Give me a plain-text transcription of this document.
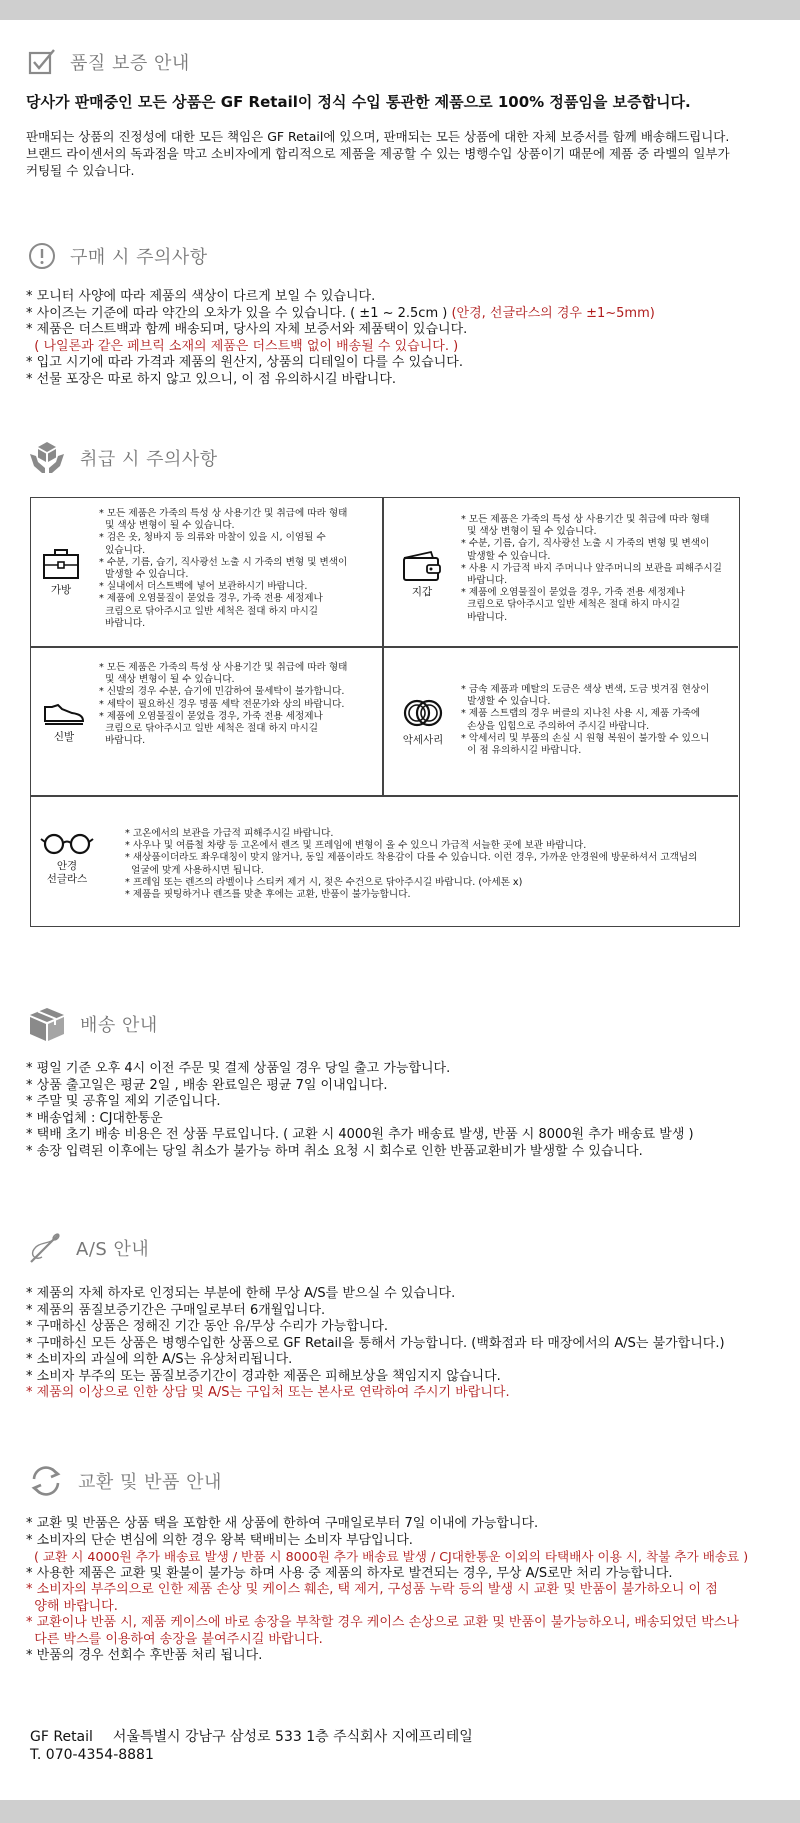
품질 보증 안내
당사가 판매중인 모든 상품은 GF Retail이 정식 수입 통관한 제품으로 100% 정품임을 보증합니다.
판매되는 상품의 진정성에 대한 모든 책임은 GF Retail에 있으며, 판매되는 모든 상품에 대한 자체 보증서를 함께 배송해드립니다.
브랜드 라이센서의 독과점을 막고 소비자에게 합리적으로 제품을 제공할 수 있는 병행수입 상품이기 때문에 제품 중 라벨의 일부가
커팅될 수 있습니다.
구매 시 주의사항
* 모니터 사양에 따라 제품의 색상이 다르게 보일 수 있습니다.
* 사이즈는 기준에 따라 약간의 오차가 있을 수 있습니다. ( ±1 ~ 2.5cm ) (안경, 선글라스의 경우 ±1~5mm)
* 제품은 더스트백과 함께 배송되며, 당사의 자체 보증서와 제품택이 있습니다.
( 나일론과 같은 페브릭 소재의 제품은 더스트백 없이 배송될 수 있습니다. )
* 입고 시기에 따라 가격과 제품의 원산지, 상품의 디테일이 다를 수 있습니다.
* 선물 포장은 따로 하지 않고 있으니, 이 점 유의하시길 바랍니다.
취급 시 주의사항
가방
* 모든 제품은 가죽의 특성 상 사용기간 및 취급에 따라 형태
및 색상 변형이 될 수 있습니다.
* 검은 옷, 청바지 등 의류와 마찰이 있을 시, 이염될 수
있습니다.
* 수분, 기름, 습기, 직사광선 노출 시 가죽의 변형 및 변색이
발생할 수 있습니다.
* 실내에서 더스트백에 넣어 보관하시기 바랍니다.
* 제품에 오염물질이 묻었을 경우, 가죽 전용 세정제나
크림으로 닦아주시고 일반 세척은 절대 하지 마시길
바랍니다.
지갑
* 모든 제품은 가죽의 특성 상 사용기간 및 취급에 따라 형태
및 색상 변형이 될 수 있습니다.
* 수분, 기름, 습기, 직사광선 노출 시 가죽의 변형 및 변색이
발생할 수 있습니다.
* 사용 시 가급적 바지 주머니나 앞주머니의 보관을 피해주시길
바랍니다.
* 제품에 오염물질이 묻었을 경우, 가죽 전용 세정제나
크림으로 닦아주시고 일반 세척은 절대 하지 마시길
바랍니다.
신발
* 모든 제품은 가죽의 특성 상 사용기간 및 취급에 따라 형태
및 색상 변형이 될 수 있습니다.
* 신발의 경우 수분, 습기에 민감하여 물세탁이 불가합니다.
* 세탁이 필요하신 경우 명품 세탁 전문가와 상의 바랍니다.
* 제품에 오염물질이 묻었을 경우, 가죽 전용 세정제나
크림으로 닦아주시고 일반 세척은 절대 하지 마시길
바랍니다.	악세사리
* 금속 제품과 메탈의 도금은 색상 변색, 도금 벗겨짐 현상이
발생할 수 있습니다.
* 제품 스트랩의 경우 버클의 지나친 사용 시, 제품 가죽에
손상을 입힘으로 주의하여 주시길 바랍니다.
* 악세서리 및 부품의 손실 시 원형 복원이 불가할 수 있으니
이 점 유의하시길 바랍니다.
안경
선글라스
* 고온에서의 보관을 가급적 피해주시길 바랍니다.
* 사우나 및 여름철 차량 등 고온에서 렌즈 및 프레임에 변형이 올 수 있으니 가급적 서늘한 곳에 보관 바랍니다.
* 새상품이더라도 좌우대칭이 맞지 않거나, 동일 제품이라도 착용감이 다를 수 있습니다. 이런 경우, 가까운 안경원에 방문하셔서 고객님의
얼굴에 맞게 사용하시면 됩니다.
* 프레임 또는 렌즈의 라벨이나 스티커 제거 시, 젖은 수건으로 닦아주시길 바랍니다. (아세톤 x)
* 제품을 핏팅하거나 렌즈를 맞춘 후에는 교환, 반품이 불가능합니다.
배송 안내
* 평일 기준 오후 4시 이전 주문 및 결제 상품일 경우 당일 출고 가능합니다.
* 상품 출고일은 평균 2일 , 배송 완료일은 평균 7일 이내입니다.
* 주말 및 공휴일 제외 기준입니다.
* 배송업체 : CJ대한통운
* 택배 초기 배송 비용은 전 상품 무료입니다. ( 교환 시 4000원 추가 배송료 발생, 반품 시 8000원 추가 배송료 발생 )
* 송장 입력된 이후에는 당일 취소가 불가능 하며 취소 요청 시 회수로 인한 반품교환비가 발생할 수 있습니다.
A/S 안내
* 제품의 자체 하자로 인정되는 부분에 한해 무상 A/S를 받으실 수 있습니다.
* 제품의 품질보증기간은 구매일로부터 6개월입니다.
* 구매하신 상품은 정해진 기간 동안 유/무상 수리가 가능합니다.
* 구매하신 모든 상품은 병행수입한 상품으로 GF Retail을 통해서 가능합니다. (백화점과 타 매장에서의 A/S는 불가합니다.)
* 소비자의 과실에 의한 A/S는 유상처리됩니다.
* 소비자 부주의 또는 품질보증기간이 경과한 제품은 피해보상을 책임지지 않습니다.
* 제품의 이상으로 인한 상담 및 A/S는 구입처 또는 본사로 연락하여 주시기 바랍니다.
교환 및 반품 안내
* 교환 및 반품은 상품 택을 포함한 새 상품에 한하여 구매일로부터 7일 이내에 가능합니다.
* 소비자의 단순 변심에 의한 경우 왕복 택배비는 소비자 부담입니다.
( 교환 시 4000원 추가 배송료 발생 / 반품 시 8000원 추가 배송료 발생 / CJ대한통운 이외의 타택배사 이용 시, 착불 추가 배송료 )
* 사용한 제품은 교환 및 환불이 불가능 하며 사용 중 제품의 하자로 발견되는 경우, 무상 A/S로만 처리 가능합니다.
* 소비자의 부주의으로 인한 제품 손상 및 케이스 훼손, 택 제거, 구성품 누락 등의 발생 시 교환 및 반품이 불가하오니 이 점
양해 바랍니다.
* 교환이나 반품 시, 제품 케이스에 바로 송장을 부착할 경우 케이스 손상으로 교환 및 반품이 불가능하오니, 배송되었던 박스나
다른 박스를 이용하여 송장을 붙여주시길 바랍니다.
* 반품의 경우 선회수 후반품 처리 됩니다.
GF Retail 서울특별시 강남구 삼성로 533 1층 주식회사 지에프리테일
T. 070-4354-8881
